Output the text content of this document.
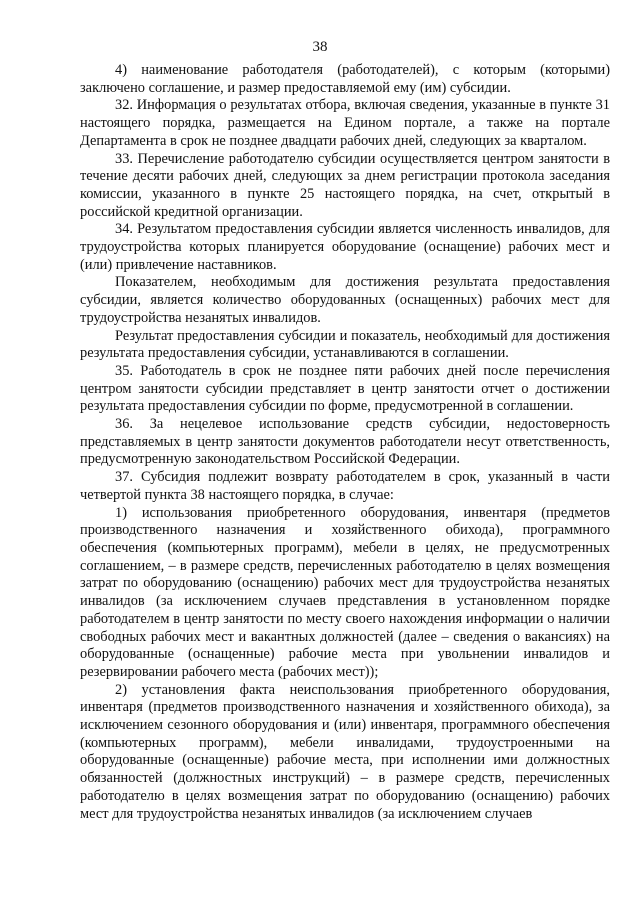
38

4) наименование работодателя (работодателей), с которым (которыми) заключено соглашение, и размер предоставляемой ему (им) субсидии.

32. Информация о результатах отбора, включая сведения, указанные в пункте 31 настоящего порядка, размещается на Едином портале, а также на портале Департамента в срок не позднее двадцати рабочих дней, следующих за кварталом.

33. Перечисление работодателю субсидии осуществляется центром занятости в течение десяти рабочих дней, следующих за днем регистрации протокола заседания комиссии, указанного в пункте 25 настоящего порядка, на счет, открытый в российской кредитной организации.

34. Результатом предоставления субсидии является численность инвалидов, для трудоустройства которых планируется оборудование (оснащение) рабочих мест и (или) привлечение наставников.

Показателем, необходимым для достижения результата предоставления субсидии, является количество оборудованных (оснащенных) рабочих мест для трудоустройства незанятых инвалидов.

Результат предоставления субсидии и показатель, необходимый для достижения результата предоставления субсидии, устанавливаются в соглашении.

35. Работодатель в срок не позднее пяти рабочих дней после перечисления центром занятости субсидии представляет в центр занятости отчет о достижении результата предоставления субсидии по форме, предусмотренной в соглашении.

36. За нецелевое использование средств субсидии, недостоверность представляемых в центр занятости документов работодатели несут ответственность, предусмотренную законодательством Российской Федерации.

37. Субсидия подлежит возврату работодателем в срок, указанный в части четвертой пункта 38 настоящего порядка, в случае:

1) использования приобретенного оборудования, инвентаря (предметов производственного назначения и хозяйственного обихода), программного обеспечения (компьютерных программ), мебели в целях, не предусмотренных соглашением, – в размере средств, перечисленных работодателю в целях возмещения затрат по оборудованию (оснащению) рабочих мест для трудоустройства незанятых инвалидов (за исключением случаев представления в установленном порядке работодателем в центр занятости по месту своего нахождения информации о наличии свободных рабочих мест и вакантных должностей (далее – сведения о вакансиях) на оборудованные (оснащенные) рабочие места при увольнении инвалидов и резервировании рабочего места (рабочих мест));

2) установления факта неиспользования приобретенного оборудования, инвентаря (предметов производственного назначения и хозяйственного обихода), за исключением сезонного оборудования и (или) инвентаря, программного обеспечения (компьютерных программ), мебели инвалидами, трудоустроенными на оборудованные (оснащенные) рабочие места, при исполнении ими должностных обязанностей (должностных инструкций) – в размере средств, перечисленных работодателю в целях возмещения затрат по оборудованию (оснащению) рабочих мест для трудоустройства незанятых инвалидов (за исключением случаев
